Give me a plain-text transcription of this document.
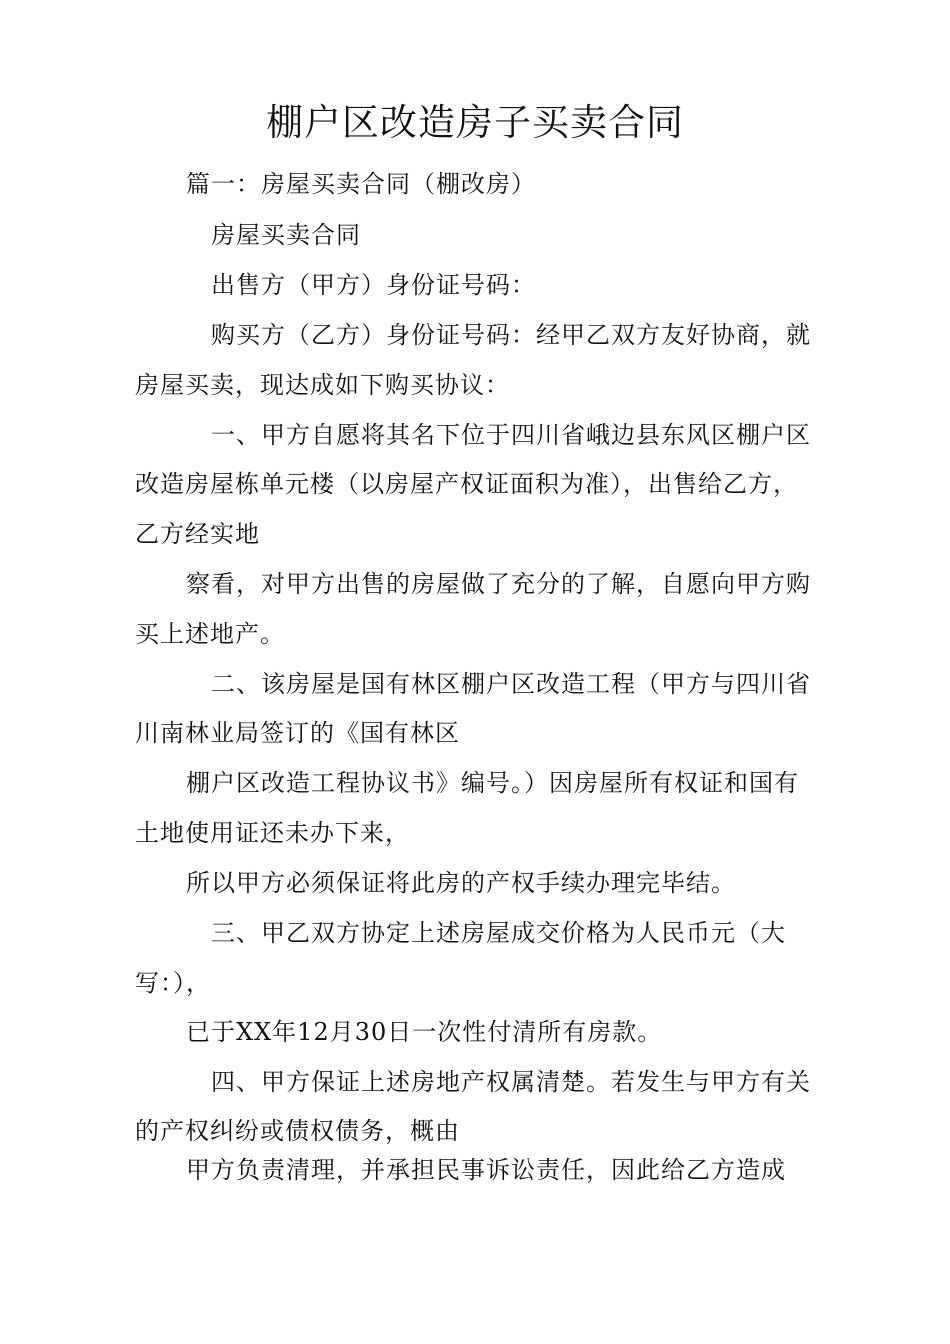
棚户区改造房子买卖合同
篇一：房屋买卖合同（棚改房）
房屋买卖合同
出售方（甲方）身份证号码：
购买方（乙方）身份证号码：经甲乙双方友好协商，就
房屋买卖，现达成如下购买协议：
一、甲方自愿将其名下位于四川省峨边县东风区棚户区
改造房屋栋单元楼（以房屋产权证面积为准），出售给乙方，
乙方经实地
察看，对甲方出售的房屋做了充分的了解，自愿向甲方购
买上述地产。
二、该房屋是国有林区棚户区改造工程（甲方与四川省
川南林业局签订的《国有林区
棚户区改造工程协议书》编号。）因房屋所有权证和国有
土地使用证还未办下来，
所以甲方必须保证将此房的产权手续办理完毕结。
三、甲乙双方协定上述房屋成交价格为人民币元（大
写：），
已于XX年12月30日一次性付清所有房款。
四、甲方保证上述房地产权属清楚。若发生与甲方有关
的产权纠纷或债权债务，概由
甲方负责清理，并承担民事诉讼责任，因此给乙方造成
